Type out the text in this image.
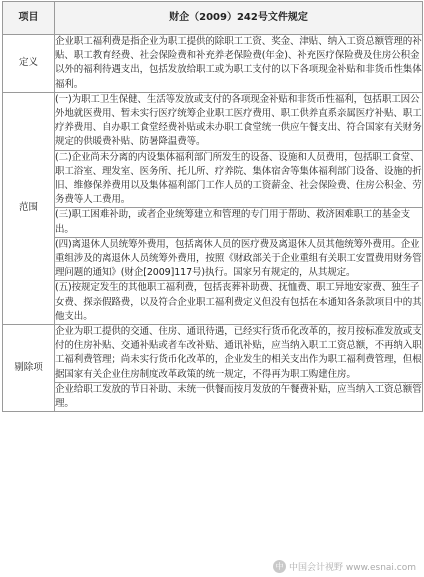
项目	财企（2009）242号文件规定
定义	企业职工福利费是指企业为职工提供的除职工工资、奖金、津贴、纳入工资总额管理的补贴、职工教育经费、社会保险费和补充养老保险费(年金)、补充医疗保险费及住房公积金以外的福利待遇支出，包括发放给职工或为职工支付的以下各项现金补贴和非货币性集体福利。
范围	(一)为职工卫生保健、生活等发放或支付的各项现金补贴和非货币性福利，包括职工因公外地就医费用、暂未实行医疗统筹企业职工医疗费用、职工供养直系亲属医疗补贴、职工疗养费用、自办职工食堂经费补贴或未办职工食堂统一供应午餐支出、符合国家有关财务规定的供暖费补贴、防暑降温费等。
	(二)企业尚未分离的内设集体福利部门所发生的设备、设施和人员费用，包括职工食堂、职工浴室、理发室、医务所、托儿所、疗养院、集体宿舍等集体福利部门设备、设施的折旧、维修保养费用以及集体福利部门工作人员的工资薪金、社会保险费、住房公积金、劳务费等人工费用。
	(三)职工困难补助，或者企业统筹建立和管理的专门用于帮助、救济困难职工的基金支出。
	(四)离退休人员统筹外费用，包括离休人员的医疗费及离退休人员其他统筹外费用。企业重组涉及的离退休人员统筹外费用，按照《财政部关于企业重组有关职工安置费用财务管理问题的通知》(财企[2009]117号)执行。国家另有规定的，从其规定。
	(五)按规定发生的其他职工福利费，包括丧葬补助费、抚恤费、职工异地安家费、独生子女费、探亲假路费，以及符合企业职工福利费定义但没有包括在本通知各条款项目中的其他支出。
剔除项	企业为职工提供的交通、住房、通讯待遇，已经实行货币化改革的，按月按标准发放或支付的住房补贴、交通补贴或者车改补贴、通讯补贴，应当纳入职工工资总额，不再纳入职工福利费管理；尚未实行货币化改革的，企业发生的相关支出作为职工福利费管理，但根据国家有关企业住房制度改革政策的统一规定，不得再为职工购建住房。
	企业给职工发放的节日补助、未统一供餐而按月发放的午餐费补贴，应当纳入工资总额管理。
中 中国会计视野 www.esnai.com
